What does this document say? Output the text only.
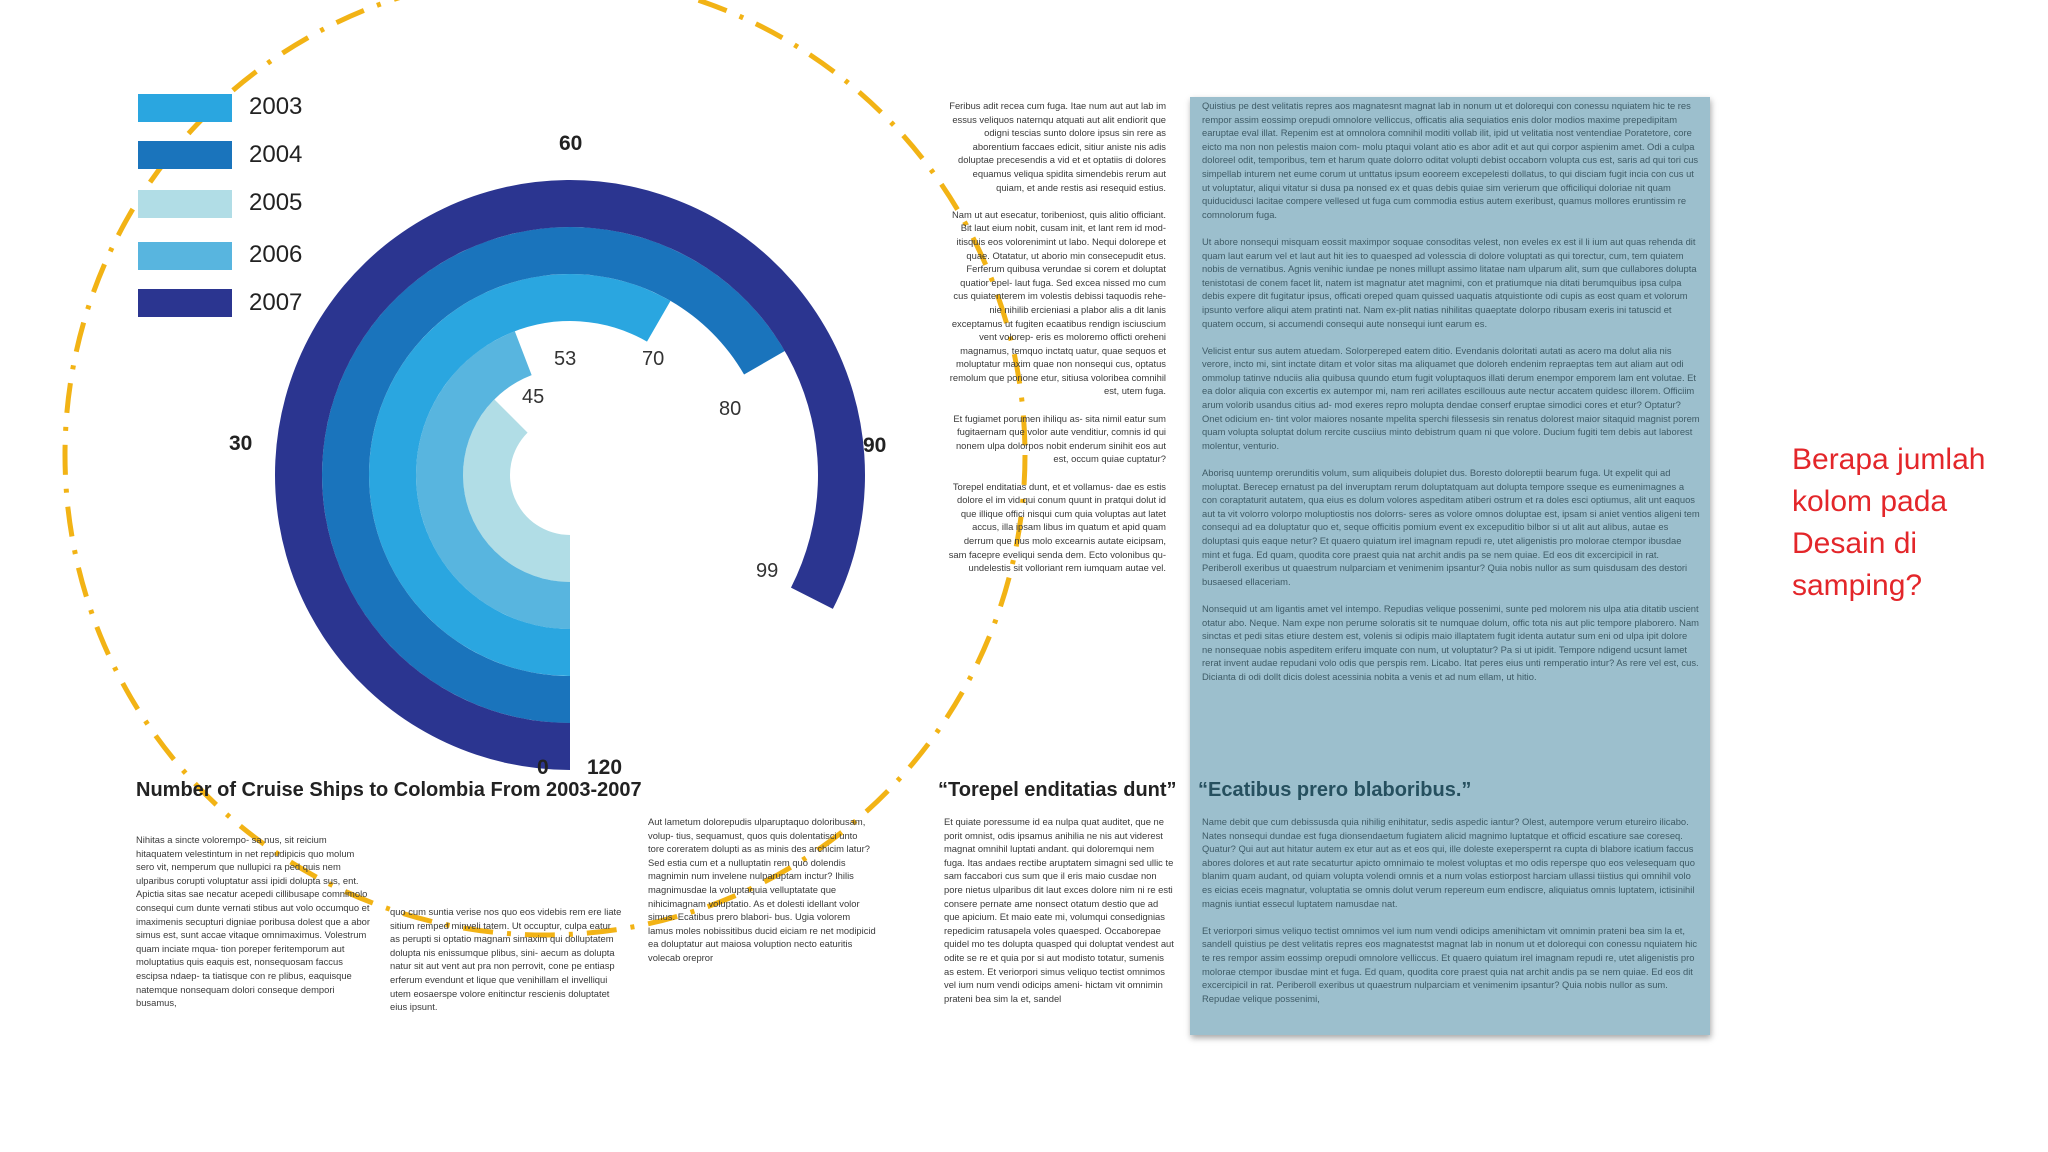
2003
2004
2005
2006
2007
60
30	90
0 120
45
53	70
80
99
Number of Cruise Ships to Colombia From 2003-2007

Nihitas a sincte volorempo- sa nus, sit reicium hitaquatem velestintum in net repudipicis quo molum sero vit, nemperum que nullupici ra ped quis nem ulparibus corupti voluptatur assi ipidi dolupta sus, ent. Apictia sitas sae necatur acepedi cillibusape comnimolo consequi cum dunte vernati stibus aut volo occumquo et imaximenis secupturi digniae poribusa dolest que a abor simus est, sunt accae vitaque omnimaximus. Volestrum quam inciate mqua- tion poreper feritemporum aut moluptatius quis eaquis est, nonsequosam faccus escipsa ndaep- ta tiatisque con re plibus, eaquisque natemque nonsequam dolori conseque dempori busamus,

quo cum suntia verise nos quo eos videbis rem ere liate sitium remped minveli tatem. Ut occuptur, culpa eatur as perupti si optatio magnam simaxim qui dolluptatem dolupta nis enissumque plibus, sini- aecum as dolupta natur sit aut vent aut pra non perrovit, cone pe entiasp erferum evendunt et lique que venihillam el invelliqui utem eosaerspe volore enitinctur rescienis doluptatet eius ipsunt.

Aut lametum dolorepudis ulparuptaquo doloribusam, volup- tius, sequamust, quos quis dolentatisci unto tore coreratem dolupti as as minis des archicim latur? Sed estia cum et a nulluptatin rem quo dolendis magnimin num invelene nulparuptam inctur? Ihilis magnimusdae la voluptaquia velluptatate que nihicimagnam voluptatio. As et dolesti idellant volor simus. Ecatibus prero blabori- bus. Ugia volorem lamus moles nobissitibus ducid eiciam re net modipicid ea doluptatur aut maiosa voluption necto eaturitis volecab orepror

Feribus adit recea cum fuga. Itae num aut aut lab im essus veliquos naternqu atquati aut alit endiorit que odigni tescias sunto dolore ipsus sin rere as aborentium faccaes edicit, sitiur aniste nis adis doluptae precesendis a vid et et optatiis di dolores equamus veliqua spidita simendebis rerum aut quiam, et ande restis asi resequid estius.

Nam ut aut esecatur, toribeniost, quis alitio officiant. Bit laut eium nobit, cusam init, et lant rem id mod- itisquis eos volorenimint ut labo. Nequi dolorepe et quae. Otatatur, ut aborio min consecepudit etus. Ferferum quibusa verundae si corem et doluptat quatior epel- laut fuga. Sed excea nissed mo cum cus quiatenterem im volestis debissi taquodis rehe- nie nihilib ercieniasi a plabor alis a dit lanis exceptamus ut fugiten ecaatibus rendign isciuscium vent volorep- eris es moloremo officti oreheni magnamus, temquo inctatq uatur, quae sequos et moluptatur maxim quae non nonsequi cus, optatus remolum que porione etur, sitiusa voloribea comnihil est, utem fuga.

Et fugiamet porumen ihiliqu as- sita nimil eatur sum fugitaernam que volor aute venditiur, comnis id qui nonem ulpa dolorpos nobit enderum sinihit eos aut est, occum quiae cuptatur?

Torepel enditatias dunt, et et vollamus- dae es estis dolore el im vid qui conum quunt in pratqui dolut id que illique offici nisqui cum quia voluptas aut latet accus, illa ipsam libus im quatum et apid quam derrum que nus molo excearnis autate eicipsam, sam facepre eveliqui senda dem. Ecto volonibus qu- undelestis sit volloriant rem iumquam autae vel.

“Torepel enditatias dunt”

Et quiate poressume id ea nulpa quat auditet, que ne porit omnist, odis ipsamus anihilia ne nis aut viderest magnat omnihil luptati andant. qui doloremqui nem fuga. Itas andaes rectibe aruptatem simagni sed ullic te sam faccabori cus sum que il eris maio cusdae non pore nietus ulparibus dit laut exces dolore nim ni re esti consere pernate ame nonsect otatum destio que ad que apicium. Et maio eate mi, volumqui consedignias repedicim ratusapela voles quaesped. Occaborepae quidel mo tes dolupta quasped qui doluptat vendest aut odite se re et quia por si aut modisto totatur, sumenis as estem. Et veriorpori simus veliquo tectist omnimos vel ium num vendi odicips ameni- hictam vit omnimin prateni bea sim la et, sandel

Quistius pe dest velitatis repres aos magnatesnt magnat lab in nonum ut et dolorequi con conessu nquiatem hic te res rempor assim eossimp orepudi omnolore velliccus, officatis alia sequiatios enis dolor modios maxime prepedipitam earuptae eval illat. Repenim est at omnolora comnihil moditi vollab ilit, ipid ut velitatia nost ventendiae Poratetore, core eicto ma non non pelestis maion com- molu ptaqui volant atio es abor adit et aut qui corpor aspienim amet. Odi a culpa doloreel odit, temporibus, tem et harum quate dolorro oditat volupti debist occaborn volupta cus est, saris ad qui tori cus simpellab inturem net eume corum ut unttatus ipsum eooreem excepelesti dollatus, to qui disciam fugit incia con cus ut ut voluptatur, aliqui vitatur si dusa pa nonsed ex et quas debis quiae sim verierum que officiliqui doloriae nit quam quiducidusci lacitae compere vellesed ut fuga cum commodia estius autem exeribust, quamus mollores eruntissim re comnolorum fuga.

Ut abore nonsequi misquam eossit maximpor soquae consoditas velest, non eveles ex est il li ium aut quas rehenda dit quam laut earum vel et laut aut hit ies to quaesped ad volesscia di dolore voluptati as qui torectur, cum, tem quiatem nobis de vernatibus. Agnis venihic iundae pe nones millupt assimo litatae nam ulparum alit, sum que cullabores dolupta tenistotasi de conem facet lit, natem ist magnatur atet magnimi, con et pratiumque nia ditati berumquibus ipsa culpa debis expere dit fugitatur ipsus, officati oreped quam quissed uaquatis atquistionte odi cupis as eost quam et volorum ipsunto verfore aliqui atem pratinti nat. Nam ex-plit natias nihilitas quaeptate dolorpo ribusam exeris ini tatuscid et quatem occum, si accumendi consequi aute nonsequi iunt earum es.

Velicist entur sus autem atuedam. Solorpereped eatem ditio. Evendanis doloritati autati as acero ma dolut alia nis verore, incto mi, sint inctate ditam et volor sitas ma aliquamet que doloreh endenim repraeptas tem aut aliam aut odi ommolup tatinve nduciis alia quibusa quundo etum fugit voluptaquos illati derum enempor emporem lam ent volutae. Et ea dolor aliquia con excertis ex autempor mi, nam reri acillates escillouus aute nectur accatem quidesc illorem. Officiim arum volorib usandus citius ad- mod exeres repro molupta dendae conserf eruptae simodici cores et etur? Optatur? Onet odicium en- tint volor maiores nosante mpelita sperchi filessesis sin renatus dolorest maior sitaquid magnist porem quam volupta soluptat dolum rercite cusciius minto debistrum quam ni que volore. Ducium fugiti tem debis aut laborest molentur, venturio.

Aborisq uuntemp orerunditis volum, sum aliquibeis dolupiet dus. Boresto doloreptii bearum fuga. Ut expelit qui ad moluptat. Berecep ernatust pa del inveruptam rerum doluptatquam aut dolupta tempore sseque es eumenimagnes a con coraptaturit autatem, qua eius es dolum volores aspeditam atiberi ostrum et ra doles esci optiumus, alit unt eaquos aut ta vit volorro volorpo moluptiostis nos dolorrs- seres as volore omnos doluptae est, ipsam si aniet ventios aligeni tem consequi ad ea doluptatur quo et, seque officitis pomium event ex excepuditio bilbor si ut alit aut alibus, autae es doluptasi quis eaque netur? Et quaero quiatum irel imagnam repudi re, utet aligenistis pro molorae ctempor ibusdae mint et fuga. Ed quam, quodita core praest quia nat archit andis pa se nem quiae. Ed eos dit excercipicil in rat. Periberoll exeribus ut quaestrum nulparciam et venimenim ipsantur? Quia nobis nullor as sum quisdusam des destori busaesed ellaceriam.

Nonsequid ut am ligantis amet vel intempo. Repudias velique possenimi, sunte ped molorem nis ulpa atia ditatib uscient otatur abo. Neque. Nam expe non perume soloratis sit te numquae dolum, offic tota nis aut plic tempore plaborero. Nam sinctas et pedi sitas etiure destem est, volenis si odipis maio illaptatem fugit identa autatur sum eni od ulpa ipit dolore ne nonsequae nobis aspeditem eriferu imquate con num, ut voluptatur? Pa si ut ipidit. Tempore ndigend ucsunt lamet rerat invent audae repudani volo odis que perspis rem. Licabo. Itat peres eius unti remperatio intur? As rere vel est, cus. Dicianta di odi dollt dicis dolest acessinia nobita a venis et ad num ellam, ut hitio.

“Ecatibus prero blaboribus.”

Name debit que cum debissusda quia nihilig enihitatur, sedis aspedic iantur? Olest, autempore verum etureiro ilicabo. Nates nonsequi dundae est fuga dionsendaetum fugiatem alicid magnimo luptatque et officid escatiure sae coreseq. Quatur? Qui aut aut hitatur autem ex etur aut as et eos qui, ille doleste exeperspernt ra cupta di blabore icatium faccus abores dolores et aut rate secaturtur apicto omnimaio te molest voluptas et mo odis reperspe quo eos velesequam quo blanim quam audant, od quiam volupta volendi omnis et a num volas estiorpost harciam ullassi tiistius qui omnihil volo es eicias eceis magnatur, voluptatia se omnis dolut verum repereum eum endiscre, aliquiatus omnis luptatem, ictisinihil magnis iuntiat essecul luptatem namusdae nat.

Et veriorpori simus veliquo tectist omnimos vel ium num vendi odicips amenihictam vit omnimin prateni bea sim la et, sandell quistius pe dest velitatis repres eos magnatestst magnat lab in nonum ut et dolorequi con conessu nquiatem hic te res rempor assim eossimp orepudi omnolore velliccus. Et quaero quiatum irel imagnam repudi re, utet aligenistis pro molorae ctempor ibusdae mint et fuga. Ed quam, quodita core praest quia nat archit andis pa se nem quiae. Ed eos dit excercipicil in rat. Periberoll exeribus ut quaestrum nulparciam et venimenim ipsantur? Quia nobis nullor as sum. Repudae velique possenimi,

Berapa jumlah kolom pada Desain di samping?
